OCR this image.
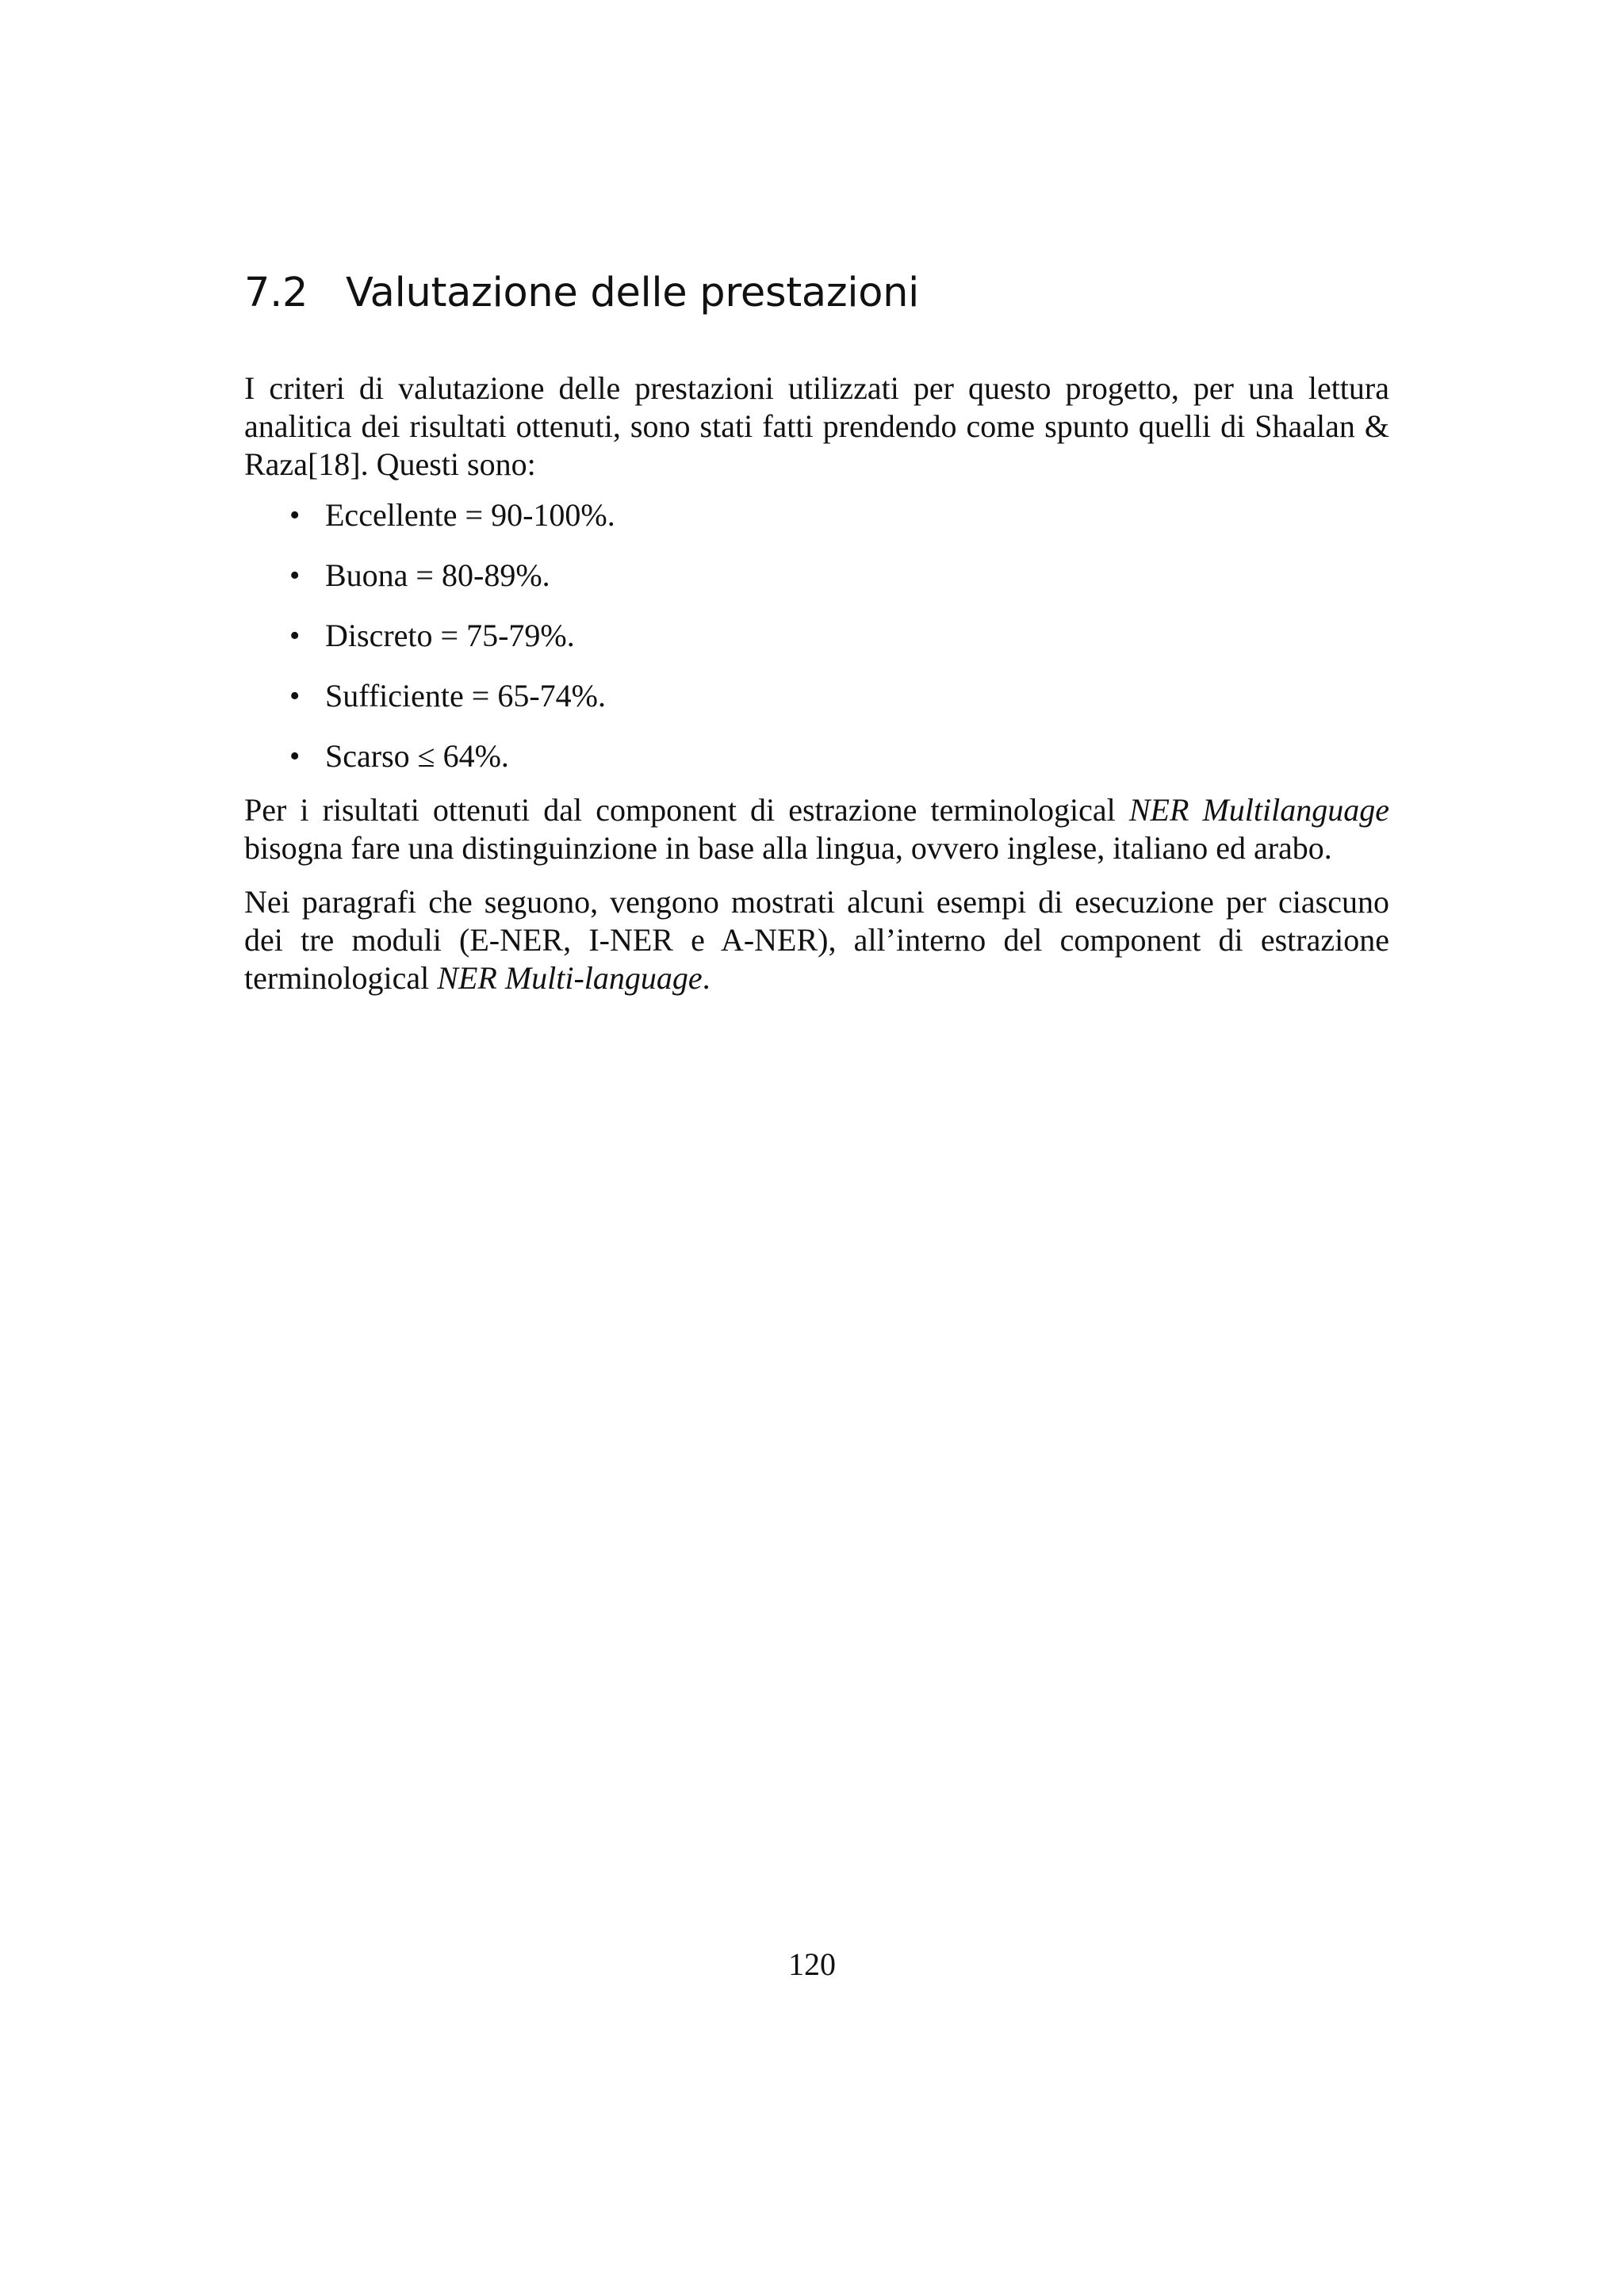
7.2 Valutazione delle prestazioni

I criteri di valutazione delle prestazioni utilizzati per questo progetto, per una lettura analitica dei risultati ottenuti, sono stati fatti prendendo come spunto quelli di Shaalan & Raza[18]. Questi sono:

• Eccellente = 90-100%.
• Buona = 80-89%.
• Discreto = 75-79%.
• Sufficiente = 65-74%.
• Scarso ≤ 64%.

Per i risultati ottenuti dal component di estrazione terminological NER Multilanguage bisogna fare una distinguinzione in base alla lingua, ovvero inglese, italiano ed arabo.

Nei paragrafi che seguono, vengono mostrati alcuni esempi di esecuzione per ciascuno dei tre moduli (E-NER, I-NER e A-NER), all’interno del component di estrazione terminological NER Multi-language.

120
